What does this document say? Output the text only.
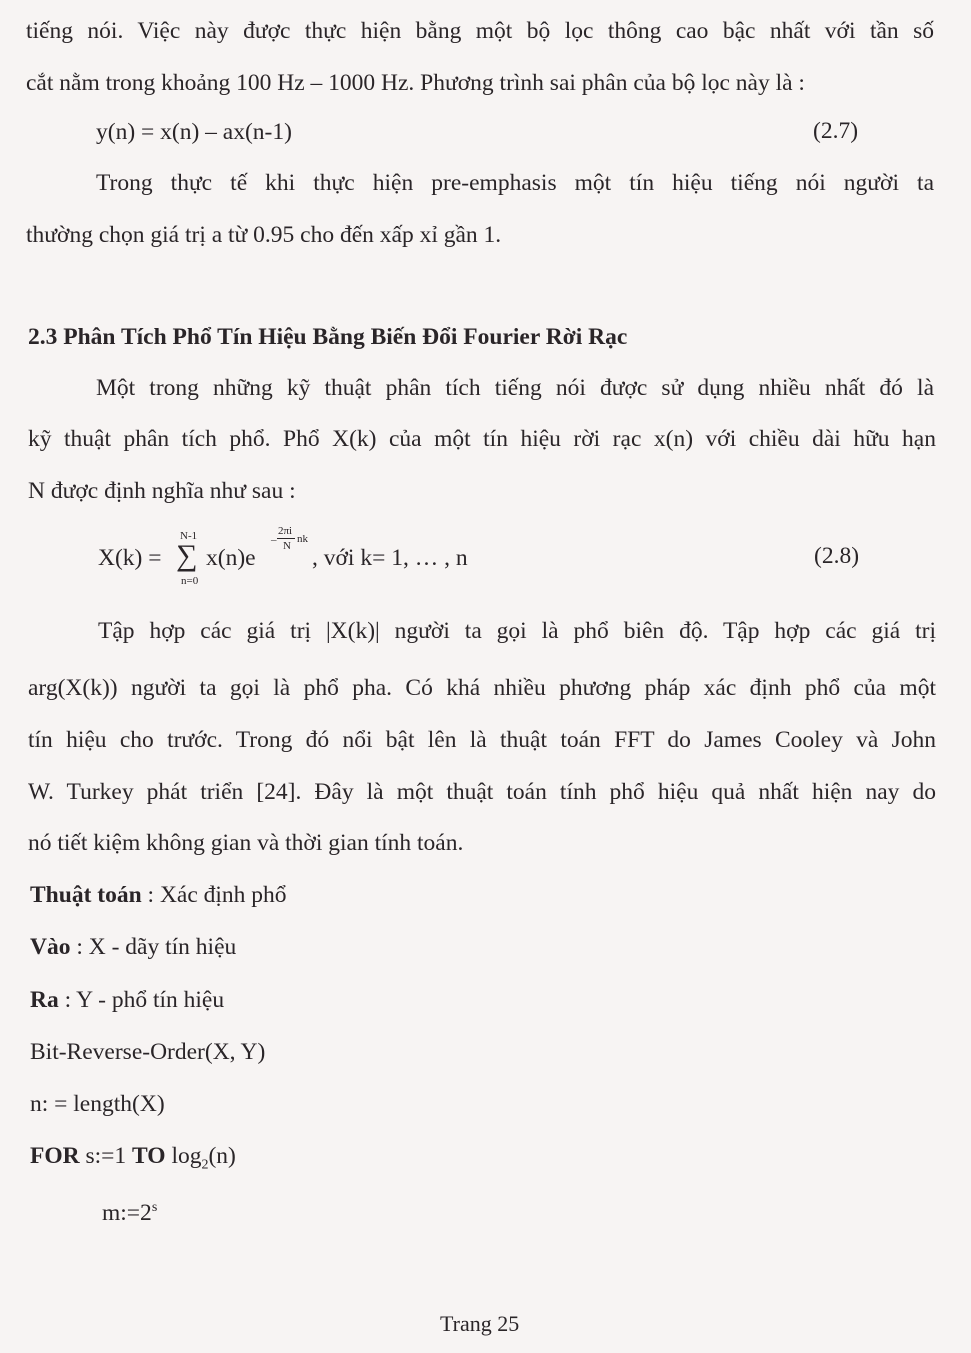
tiếng nói. Việc này được thực hiện bằng một bộ lọc thông cao bậc nhất với tần số
cắt nằm trong khoảng 100 Hz – 1000 Hz. Phương trình sai phân của bộ lọc này là :
y(n) = x(n) – ax(n-1)	(2.7)
Trong thực tế khi thực hiện pre-emphasis một tín hiệu tiếng nói người ta
thường chọn giá trị a từ 0.95 cho đến xấp xỉ gần 1.
2.3 Phân Tích Phổ Tín Hiệu Bằng Biến Đổi Fourier Rời Rạc
Một trong những kỹ thuật phân tích tiếng nói được sử dụng nhiều nhất đó là
kỹ thuật phân tích phổ. Phổ X(k) của một tín hiệu rời rạc x(n) với chiều dài hữu hạn
N được định nghĩa như sau :
X(k) =
N-1
∑
n=0
x(n)e
–
2πi
N
nk
, với k= 1, … , n	(2.8)
Tập hợp các giá trị |X(k)| người ta gọi là phổ biên độ. Tập hợp các giá trị
arg(X(k)) người ta gọi là phổ pha. Có khá nhiều phương pháp xác định phổ của một
tín hiệu cho trước. Trong đó nổi bật lên là thuật toán FFT do James Cooley và John
W. Turkey phát triển [24]. Đây là một thuật toán tính phổ hiệu quả nhất hiện nay do
nó tiết kiệm không gian và thời gian tính toán.
Thuật toán : Xác định phổ
Vào : X - dãy tín hiệu
Ra : Y - phổ tín hiệu
Bit-Reverse-Order(X, Y)
n: = length(X)
FOR s:=1 TO $\log_2(n)$
$m:=2^s$
Trang 25
